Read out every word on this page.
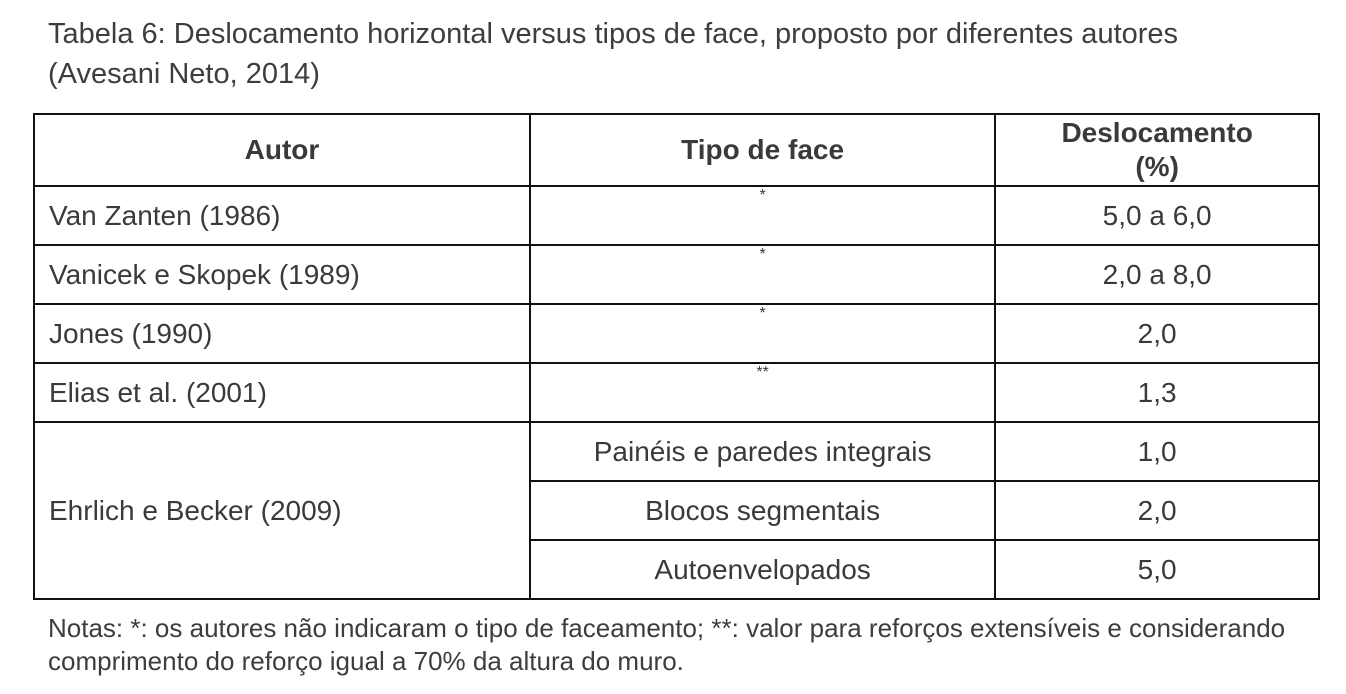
Tabela 6: Deslocamento horizontal versus tipos de face, proposto por diferentes autores (Avesani Neto, 2014)
Autor	Tipo de face	Deslocamento
(%)
Van Zanten (1986)	*	5,0 a 6,0
Vanicek e Skopek (1989)	*	2,0 a 8,0
Jones (1990)	*	2,0
Elias et al. (2001)	**	1,3
Ehrlich e Becker (2009)	Painéis e paredes integrais	1,0
	Blocos segmentais	2,0
	Autoenvelopados	5,0
Notas: *: os autores não indicaram o tipo de faceamento; **: valor para reforços extensíveis e considerando comprimento do reforço igual a 70% da altura do muro.
